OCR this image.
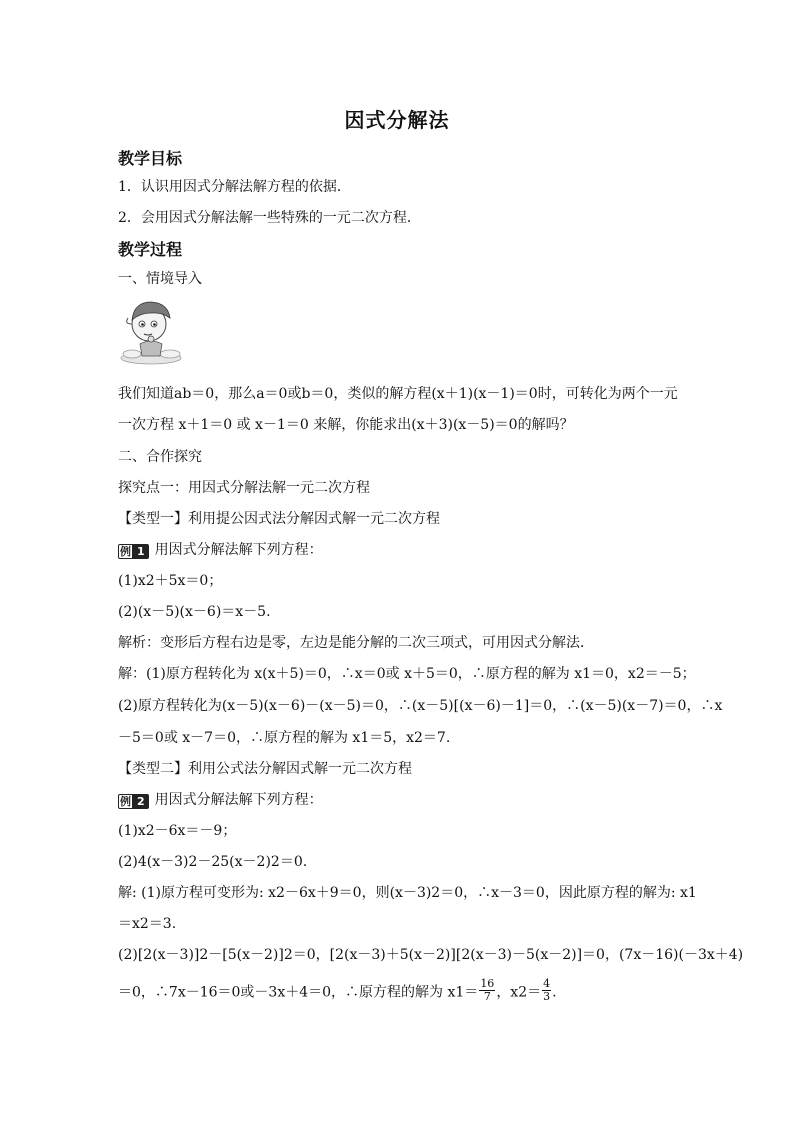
因式分解法
教学目标
1．认识用因式分解法解方程的依据．
2．会用因式分解法解一些特殊的一元二次方程．
教学过程
一、情境导入
我们知道ab＝0，那么a＝0或b＝0，类似的解方程(x＋1)(x－1)＝0时，可转化为两个一元
一次方程 x＋1＝0 或 x－1＝0 来解，你能求出(x＋3)(x－5)＝0的解吗？
二、合作探究
探究点一：用因式分解法解一元二次方程
【类型一】利用提公因式法分解因式解一元二次方程
例 1 用因式分解法解下列方程：
(1)x2＋5x＝0；
(2)(x－5)(x－6)＝x－5.
解析：变形后方程右边是零，左边是能分解的二次三项式，可用因式分解法．
解：(1)原方程转化为 x(x＋5)＝0，∴x＝0或 x＋5＝0，∴原方程的解为 x1＝0，x2＝－5；
(2)原方程转化为(x－5)(x－6)－(x－5)＝0，∴(x－5)[(x－6)－1]＝0，∴(x－5)(x－7)＝0，∴x
－5＝0或 x－7＝0，∴原方程的解为 x1＝5，x2＝7.
【类型二】利用公式法分解因式解一元二次方程
例 2 用因式分解法解下列方程：
(1)x2－6x＝－9；
(2)4(x－3)2－25(x－2)2＝0.
解: (1)原方程可变形为: x2－6x＋9＝0，则(x－3)2＝0，∴x－3＝0，因此原方程的解为: x1
＝x2＝3.
(2)[2(x－3)]2－[5(x－2)]2＝0，[2(x－3)＋5(x－2)][2(x－3)－5(x－2)]＝0，(7x－16)(－3x＋4)
＝0，∴7x－16＝0或－3x＋4＝0，∴原方程的解为 $x1= \frac{16}{7}$ ，$x2= \frac{4}{3}$ .
